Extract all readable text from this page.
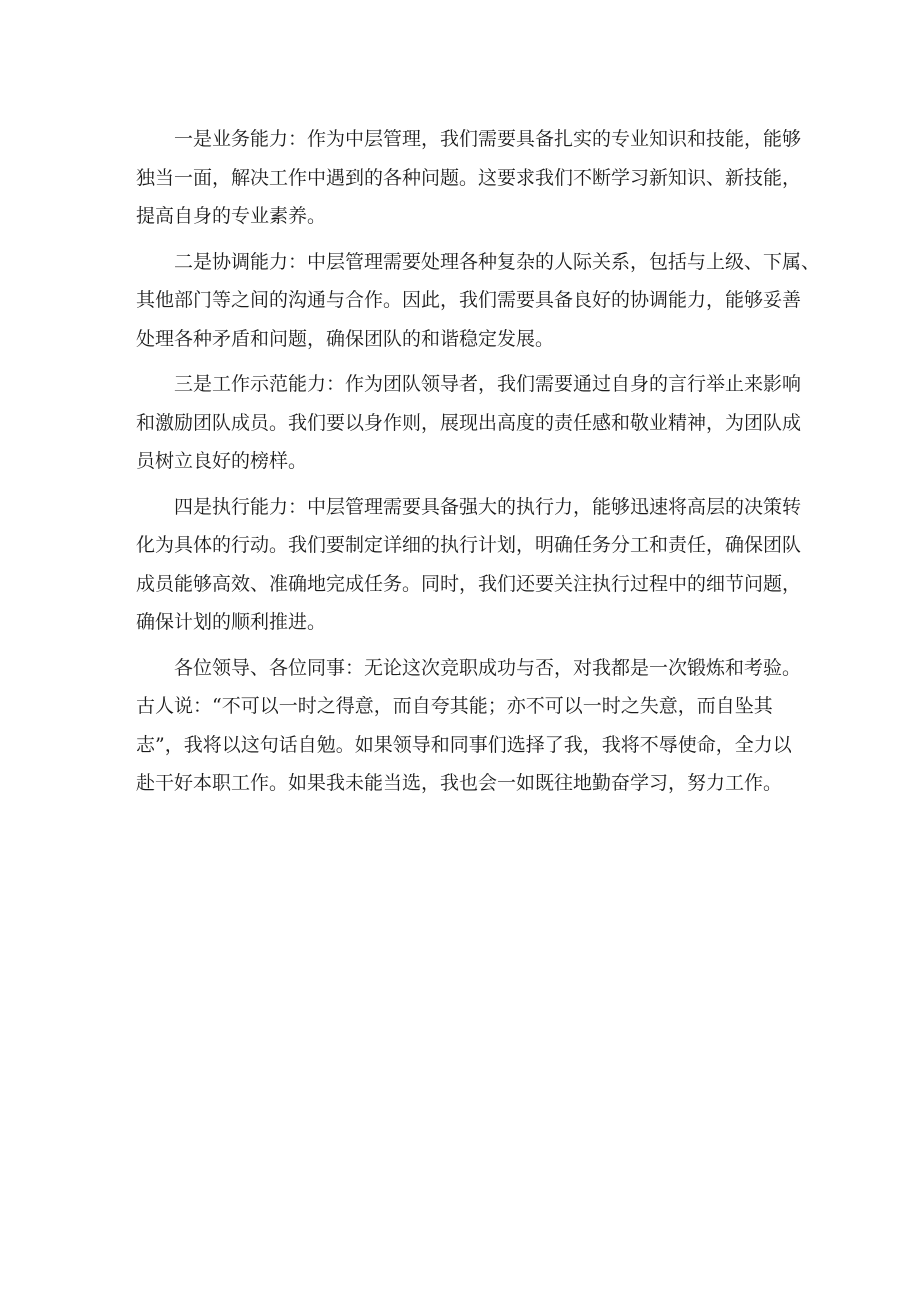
一是业务能力：作为中层管理，我们需要具备扎实的专业知识和技能，能够
独当一面，解决工作中遇到的各种问题。这要求我们不断学习新知识、新技能，
提高自身的专业素养。

二是协调能力：中层管理需要处理各种复杂的人际关系，包括与上级、下属、
其他部门等之间的沟通与合作。因此，我们需要具备良好的协调能力，能够妥善
处理各种矛盾和问题，确保团队的和谐稳定发展。

三是工作示范能力：作为团队领导者，我们需要通过自身的言行举止来影响
和激励团队成员。我们要以身作则，展现出高度的责任感和敬业精神，为团队成
员树立良好的榜样。

四是执行能力：中层管理需要具备强大的执行力，能够迅速将高层的决策转
化为具体的行动。我们要制定详细的执行计划，明确任务分工和责任，确保团队
成员能够高效、准确地完成任务。同时，我们还要关注执行过程中的细节问题，
确保计划的顺利推进。

各位领导、各位同事：无论这次竞职成功与否，对我都是一次锻炼和考验。
古人说：“不可以一时之得意，而自夸其能；亦不可以一时之失意，而自坠其
志”，我将以这句话自勉。如果领导和同事们选择了我，我将不辱使命，全力以
赴干好本职工作。如果我未能当选，我也会一如既往地勤奋学习，努力工作。
